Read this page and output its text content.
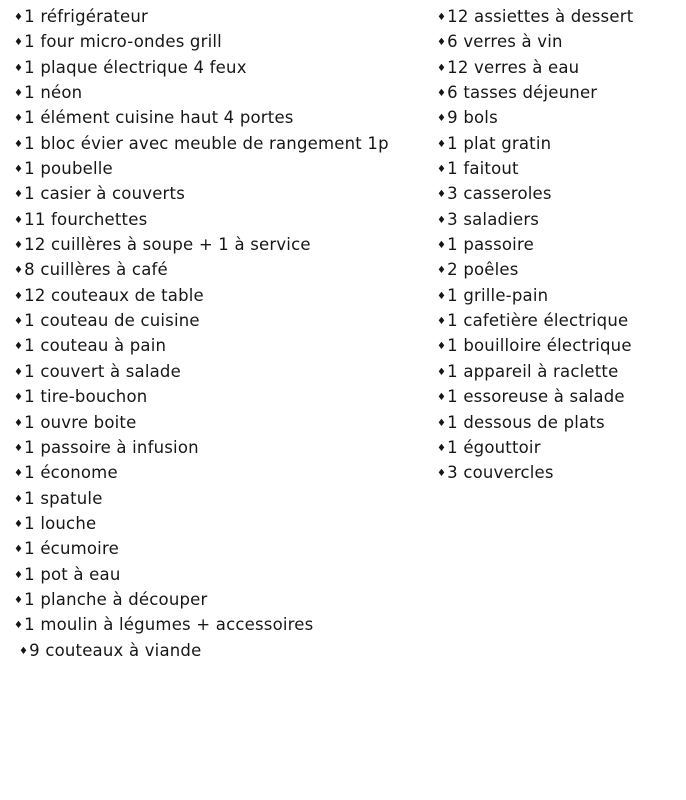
♦1 réfrigérateur
♦1 four micro-ondes grill
♦1 plaque électrique 4 feux
♦1 néon
♦1 élément cuisine haut 4 portes
♦1 bloc évier avec meuble de rangement 1p
♦1 poubelle
♦1 casier à couverts
♦11 fourchettes
♦12 cuillères à soupe + 1 à service
♦8 cuillères à café
♦12 couteaux de table
♦1 couteau de cuisine
♦1 couteau à pain
♦1 couvert à salade
♦1 tire-bouchon
♦1 ouvre boite
♦1 passoire à infusion
♦1 économe
♦1 spatule
♦1 louche
♦1 écumoire
♦1 pot à eau
♦1 planche à découper
♦1 moulin à légumes + accessoires
♦9 couteaux à viande
♦12 assiettes à dessert
♦6 verres à vin
♦12 verres à eau
♦6 tasses déjeuner
♦9 bols
♦1 plat gratin
♦1 faitout
♦3 casseroles
♦3 saladiers
♦1 passoire
♦2 poêles
♦1 grille-pain
♦1 cafetière électrique
♦1 bouilloire électrique
♦1 appareil à raclette
♦1 essoreuse à salade
♦1 dessous de plats
♦1 égouttoir
♦3 couvercles
